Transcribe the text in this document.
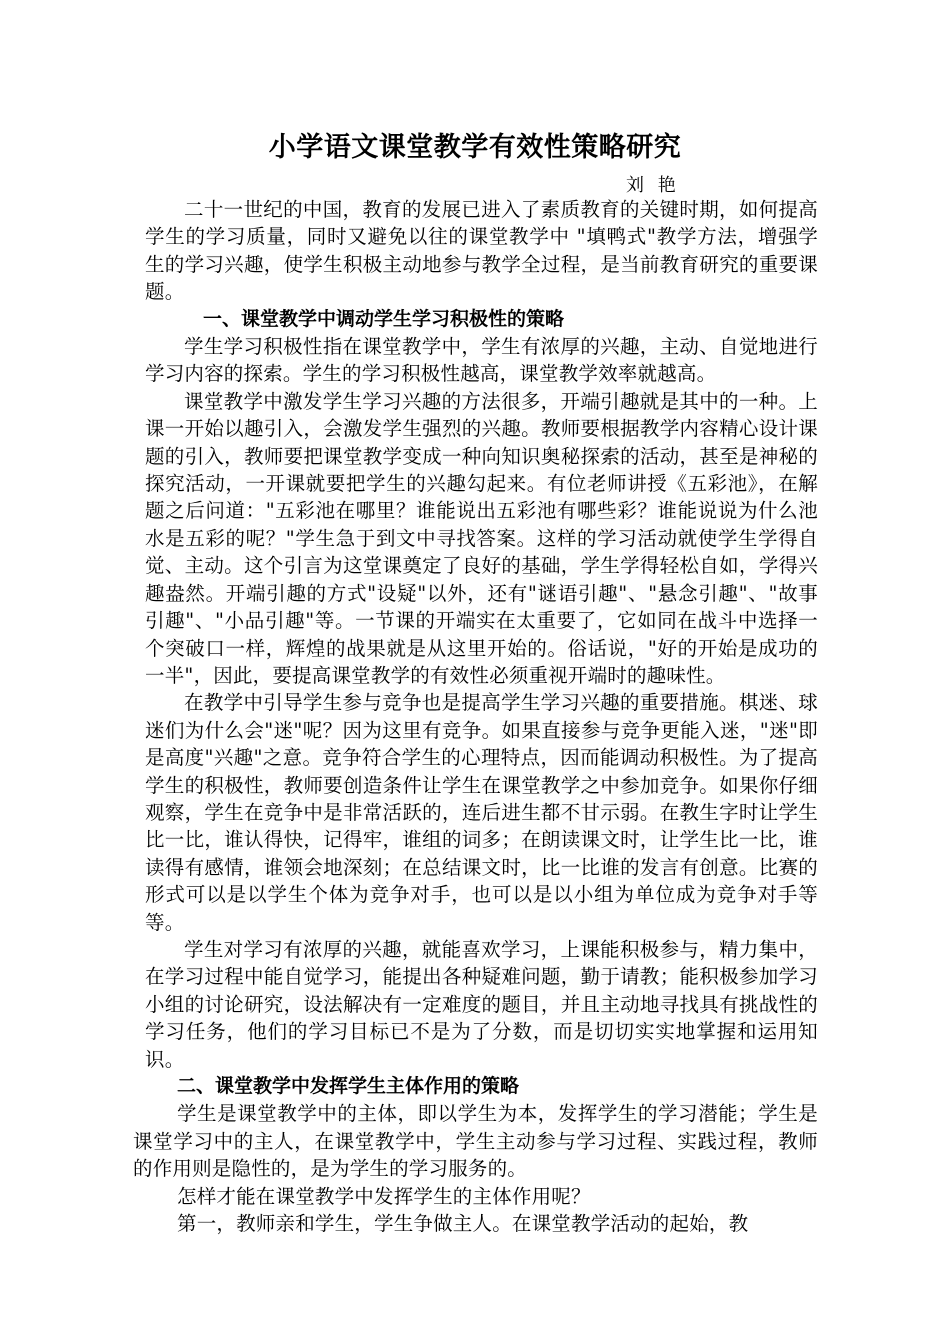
小学语文课堂教学有效性策略研究
刘 艳

二十一世纪的中国，教育的发展已进入了素质教育的关键时期，如何提高学生的学习质量，同时又避免以往的课堂教学中 "填鸭式"教学方法，增强学生的学习兴趣，使学生积极主动地参与教学全过程，是当前教育研究的重要课题。

一、课堂教学中调动学生学习积极性的策略

学生学习积极性指在课堂教学中，学生有浓厚的兴趣，主动、自觉地进行学习内容的探索。学生的学习积极性越高，课堂教学效率就越高。

课堂教学中激发学生学习兴趣的方法很多，开端引趣就是其中的一种。上课一开始以趣引入，会激发学生强烈的兴趣。教师要根据教学内容精心设计课题的引入，教师要把课堂教学变成一种向知识奥秘探索的活动，甚至是神秘的探究活动，一开课就要把学生的兴趣勾起来。有位老师讲授《五彩池》，在解题之后问道："五彩池在哪里？谁能说出五彩池有哪些彩？谁能说说为什么池水是五彩的呢？"学生急于到文中寻找答案。这样的学习活动就使学生学得自觉、主动。这个引言为这堂课奠定了良好的基础，学生学得轻松自如，学得兴趣盎然。开端引趣的方式"设疑"以外，还有"谜语引趣"、"悬念引趣"、"故事引趣"、"小品引趣"等。一节课的开端实在太重要了，它如同在战斗中选择一个突破口一样，辉煌的战果就是从这里开始的。俗话说，"好的开始是成功的一半"，因此，要提高课堂教学的有效性必须重视开端时的趣味性。

在教学中引导学生参与竞争也是提高学生学习兴趣的重要措施。棋迷、球迷们为什么会"迷"呢？因为这里有竞争。如果直接参与竞争更能入迷，"迷"即是高度"兴趣"之意。竞争符合学生的心理特点，因而能调动积极性。为了提高学生的积极性，教师要创造条件让学生在课堂教学之中参加竞争。如果你仔细观察，学生在竞争中是非常活跃的，连后进生都不甘示弱。在教生字时让学生比一比，谁认得快，记得牢，谁组的词多；在朗读课文时，让学生比一比，谁读得有感情，谁领会地深刻；在总结课文时，比一比谁的发言有创意。比赛的形式可以是以学生个体为竞争对手，也可以是以小组为单位成为竞争对手等等。

学生对学习有浓厚的兴趣，就能喜欢学习，上课能积极参与，精力集中，在学习过程中能自觉学习，能提出各种疑难问题，勤于请教；能积极参加学习小组的讨论研究，设法解决有一定难度的题目，并且主动地寻找具有挑战性的学习任务，他们的学习目标已不是为了分数，而是切切实实地掌握和运用知识。

二、课堂教学中发挥学生主体作用的策略

学生是课堂教学中的主体，即以学生为本，发挥学生的学习潜能；学生是课堂学习中的主人，在课堂教学中，学生主动参与学习过程、实践过程，教师的作用则是隐性的，是为学生的学习服务的。

怎样才能在课堂教学中发挥学生的主体作用呢？

第一，教师亲和学生，学生争做主人。在课堂教学活动的起始，教
